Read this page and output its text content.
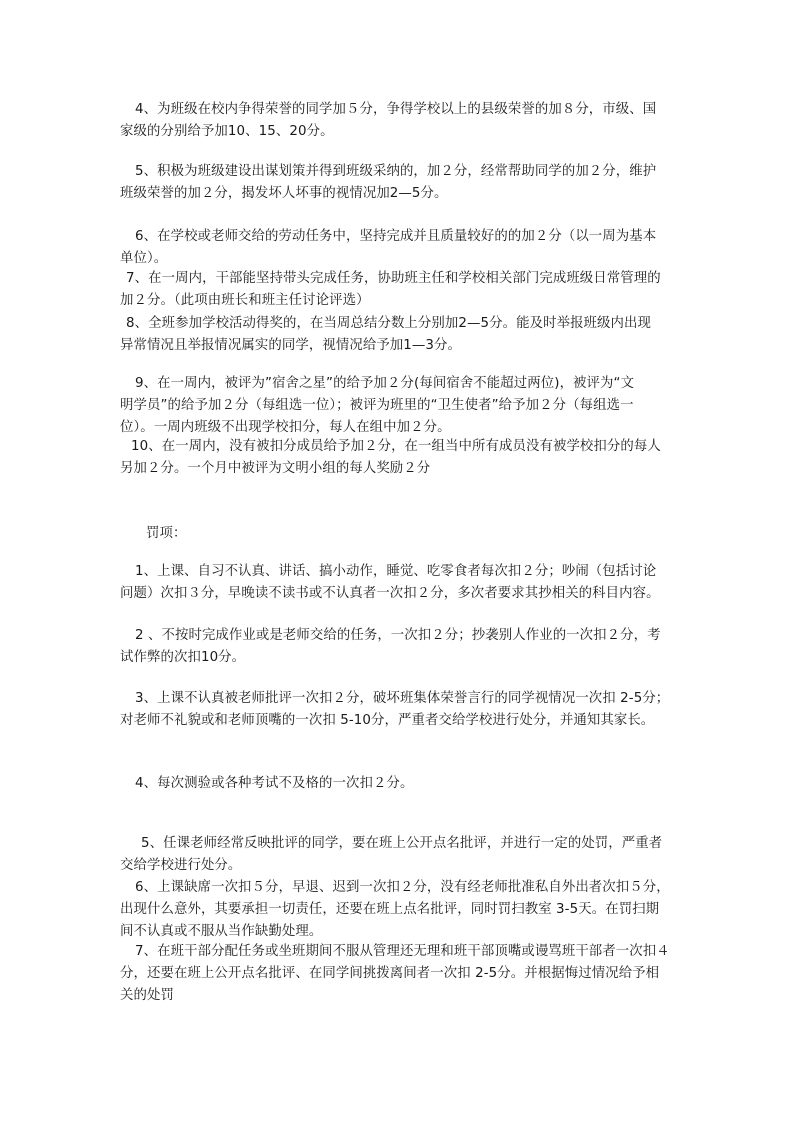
4、为班级在校内争得荣誉的同学加５分，争得学校以上的县级荣誉的加８分，市级、国
家级的分别给予加10、15、20分。
5、积极为班级建设出谋划策并得到班级采纳的，加２分，经常帮助同学的加２分，维护
班级荣誉的加２分，揭发坏人坏事的视情况加2—5分。
6、在学校或老师交给的劳动任务中，坚持完成并且质量较好的的加２分（以一周为基本
单位）。
7、在一周内，干部能坚持带头完成任务，协助班主任和学校相关部门完成班级日常管理的
加２分。（此项由班长和班主任讨论评选）
8、全班参加学校活动得奖的，在当周总结分数上分别加2—5分。能及时举报班级内出现
异常情况且举报情况属实的同学，视情况给予加1—3分。
9、在一周内，被评为”宿舍之星”的给予加２分(每间宿舍不能超过两位)，被评为“文
明学员”的给予加２分（每组选一位）；被评为班里的“卫生使者”给予加２分（每组选一
位）。一周内班级不出现学校扣分，每人在组中加２分。
10、在一周内，没有被扣分成员给予加２分，在一组当中所有成员没有被学校扣分的每人
另加２分。一个月中被评为文明小组的每人奖励２分
罚项：
1、上课、自习不认真、讲话、搞小动作，睡觉、吃零食者每次扣２分；吵闹（包括讨论
问题）次扣３分，早晚读不读书或不认真者一次扣２分，多次者要求其抄相关的科目内容。
2 、不按时完成作业或是老师交给的任务，一次扣２分；抄袭别人作业的一次扣２分，考
试作弊的次扣10分。
3、上课不认真被老师批评一次扣２分，破坏班集体荣誉言行的同学视情况一次扣 2-5分；
对老师不礼貌或和老师顶嘴的一次扣 5-10分，严重者交给学校进行处分，并通知其家长。
4、每次测验或各种考试不及格的一次扣２分。
5、任课老师经常反映批评的同学，要在班上公开点名批评，并进行一定的处罚，严重者
交给学校进行处分。
6、上课缺席一次扣５分，早退、迟到一次扣２分，没有经老师批准私自外出者次扣５分，
出现什么意外，其要承担一切责任，还要在班上点名批评，同时罚扫教室 3-5天。在罚扫期
间不认真或不服从当作缺勤处理。
7、在班干部分配任务或坐班期间不服从管理还无理和班干部顶嘴或谩骂班干部者一次扣４
分，还要在班上公开点名批评、在同学间挑拨离间者一次扣 2-5分。并根据悔过情况给予相
关的处罚
